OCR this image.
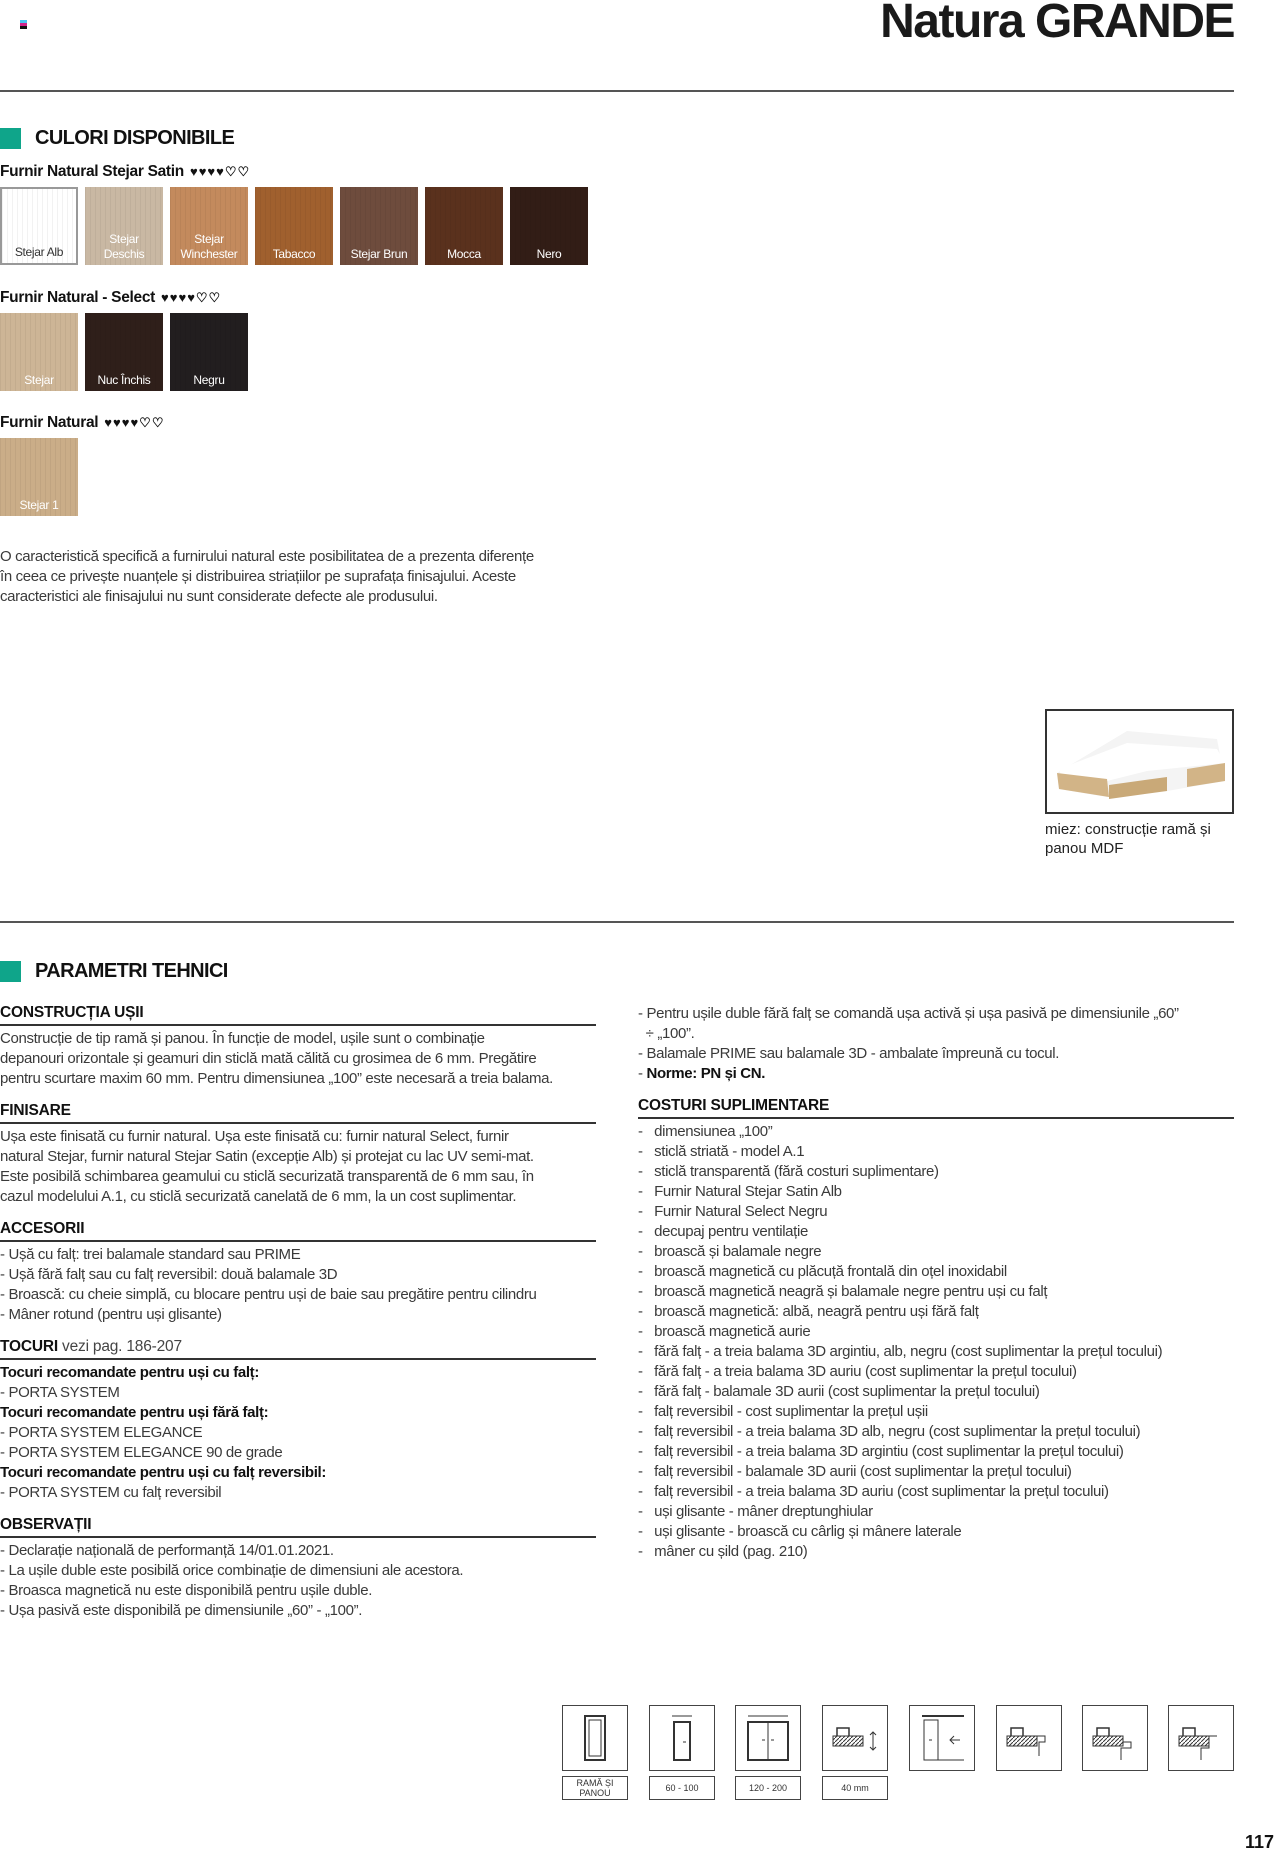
Natura GRANDE
CULORI DISPONIBILE
Furnir Natural Stejar Satin ♥♥♥♥♡♡
Stejar Alb
Stejar Deschis
Stejar Winchester	Tabacco	Stejar Brun	Mocca	Nero
Furnir Natural - Select ♥♥♥♥♡♡
Stejar	Nuc Închis	Negru
Furnir Natural ♥♥♥♥♡♡
Stejar 1
O caracteristică specifică a furnirului natural este posibilitatea de a prezenta diferențe
în ceea ce privește nuanțele și distribuirea striațiilor pe suprafața finisajului. Aceste
caracteristici ale finisajului nu sunt considerate defecte ale produsului.
miez: construcție ramă și
panou MDF
PARAMETRI TEHNICI
CONSTRUCȚIA UȘII
Construcție de tip ramă și panou. În funcție de model, ușile sunt o combinație
depanouri orizontale și geamuri din sticlă mată călită cu grosimea de 6 mm. Pregătire
pentru scurtare maxim 60 mm. Pentru dimensiunea „100” este necesară a treia balama.
FINISARE
Ușa este finisată cu furnir natural. Ușa este finisată cu: furnir natural Select, furnir
natural Stejar, furnir natural Stejar Satin (excepție Alb) și protejat cu lac UV semi-mat.
Este posibilă schimbarea geamului cu sticlă securizată transparentă de 6 mm sau, în
cazul modelului A.1, cu sticlă securizată canelată de 6 mm, la un cost suplimentar.
ACCESORII
- Ușă cu falț: trei balamale standard sau PRIME
- Ușă fără falț sau cu falț reversibil: două balamale 3D
- Broască: cu cheie simplă, cu blocare pentru uși de baie sau pregătire pentru cilindru
- Mâner rotund (pentru uși glisante)
TOCURI vezi pag. 186-207
Tocuri recomandate pentru uși cu falț:
- PORTA SYSTEM
Tocuri recomandate pentru uși fără falț:
- PORTA SYSTEM ELEGANCE
- PORTA SYSTEM ELEGANCE 90 de grade
Tocuri recomandate pentru uși cu falț reversibil:
- PORTA SYSTEM cu falț reversibil
OBSERVAȚII
- Declarație națională de performanță 14/01.01.2021.
- La ușile duble este posibilă orice combinație de dimensiuni ale acestora.
- Broasca magnetică nu este disponibilă pentru ușile duble.
- Ușa pasivă este disponibilă pe dimensiunile „60” - „100”.
- Pentru ușile duble fără falț se comandă ușa activă și ușa pasivă pe dimensiunile „60”
÷ „100”.
- Balamale PRIME sau balamale 3D - ambalate împreună cu tocul.
- Norme: PN și CN.
COSTURI SUPLIMENTARE
-   dimensiunea „100”
-   sticlă striată - model A.1
-   sticlă transparentă (fără costuri suplimentare)
-   Furnir Natural Stejar Satin Alb
-   Furnir Natural Select Negru
-   decupaj pentru ventilație
-   broască și balamale negre
-   broască magnetică cu plăcuță frontală din oțel inoxidabil
-   broască magnetică neagră și balamale negre pentru uși cu falț
-   broască magnetică: albă, neagră pentru uși fără falț
-   broască magnetică aurie
-   fără falț - a treia balama 3D argintiu, alb, negru (cost suplimentar la prețul tocului)
-   fără falț - a treia balama 3D auriu (cost suplimentar la prețul tocului)
-   fără falț - balamale 3D aurii (cost suplimentar la prețul tocului)
-   falț reversibil - cost suplimentar la prețul ușii
-   falț reversibil - a treia balama 3D alb, negru (cost suplimentar la prețul tocului)
-   falț reversibil - a treia balama 3D argintiu (cost suplimentar la prețul tocului)
-   falț reversibil - balamale 3D aurii (cost suplimentar la prețul tocului)
-   falț reversibil - a treia balama 3D auriu (cost suplimentar la prețul tocului)
-   uși glisante - mâner dreptunghiular
-   uși glisante - broască cu cârlig și mânere laterale
-   mâner cu șild (pag. 210)
RAMĂ ȘI PANOU	60 - 100	120 - 200	40 mm
117
